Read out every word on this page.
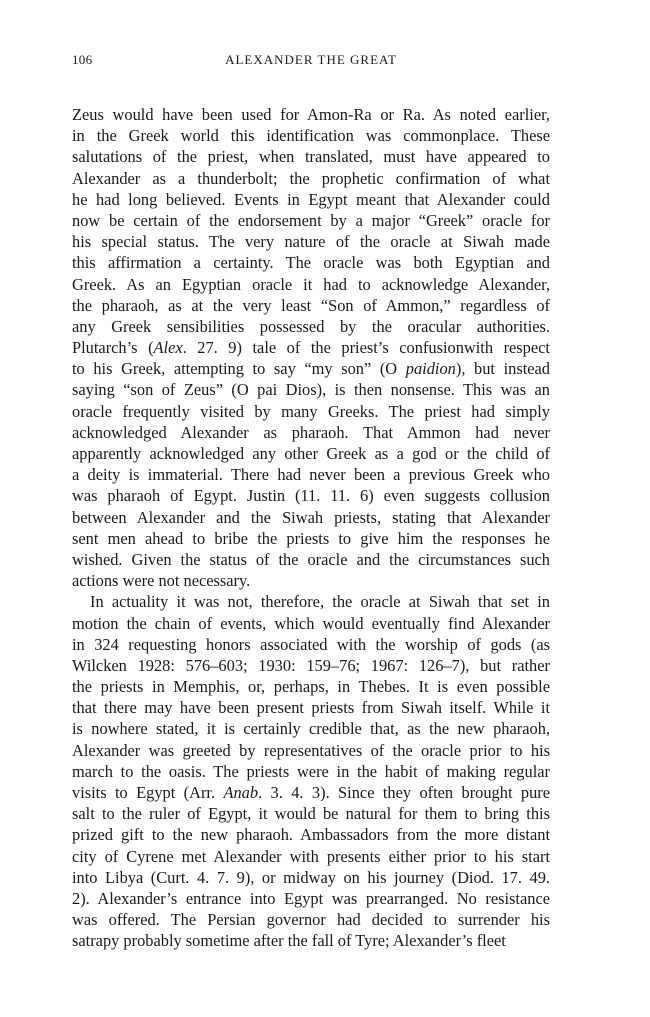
106	ALEXANDER THE GREAT
Zeus would have been used for Amon-Ra or Ra. As noted earlier,
in the Greek world this identification was commonplace. These
salutations of the priest, when translated, must have appeared to
Alexander as a thunderbolt; the prophetic confirmation of what
he had long believed. Events in Egypt meant that Alexander could
now be certain of the endorsement by a major “Greek” oracle for
his special status. The very nature of the oracle at Siwah made
this affirmation a certainty. The oracle was both Egyptian and
Greek. As an Egyptian oracle it had to acknowledge Alexander,
the pharaoh, as at the very least “Son of Ammon,” regardless of
any Greek sensibilities possessed by the oracular authorities.
Plutarch’s (Alex. 27. 9) tale of the priest’s confusionwith respect
to his Greek, attempting to say “my son” (O paidion), but instead
saying “son of Zeus” (O pai Dios), is then nonsense. This was an
oracle frequently visited by many Greeks. The priest had simply
acknowledged Alexander as pharaoh. That Ammon had never
apparently acknowledged any other Greek as a god or the child of
a deity is immaterial. There had never been a previous Greek who
was pharaoh of Egypt. Justin (11. 11. 6) even suggests collusion
between Alexander and the Siwah priests, stating that Alexander
sent men ahead to bribe the priests to give him the responses he
wished. Given the status of the oracle and the circumstances such
actions were not necessary.
In actuality it was not, therefore, the oracle at Siwah that set in
motion the chain of events, which would eventually find Alexander
in 324 requesting honors associated with the worship of gods (as
Wilcken 1928: 576–603; 1930: 159–76; 1967: 126–7), but rather
the priests in Memphis, or, perhaps, in Thebes. It is even possible
that there may have been present priests from Siwah itself. While it
is nowhere stated, it is certainly credible that, as the new pharaoh,
Alexander was greeted by representatives of the oracle prior to his
march to the oasis. The priests were in the habit of making regular
visits to Egypt (Arr. Anab. 3. 4. 3). Since they often brought pure
salt to the ruler of Egypt, it would be natural for them to bring this
prized gift to the new pharaoh. Ambassadors from the more distant
city of Cyrene met Alexander with presents either prior to his start
into Libya (Curt. 4. 7. 9), or midway on his journey (Diod. 17. 49.
2). Alexander’s entrance into Egypt was prearranged. No resistance
was offered. The Persian governor had decided to surrender his
satrapy probably sometime after the fall of Tyre; Alexander’s fleet
